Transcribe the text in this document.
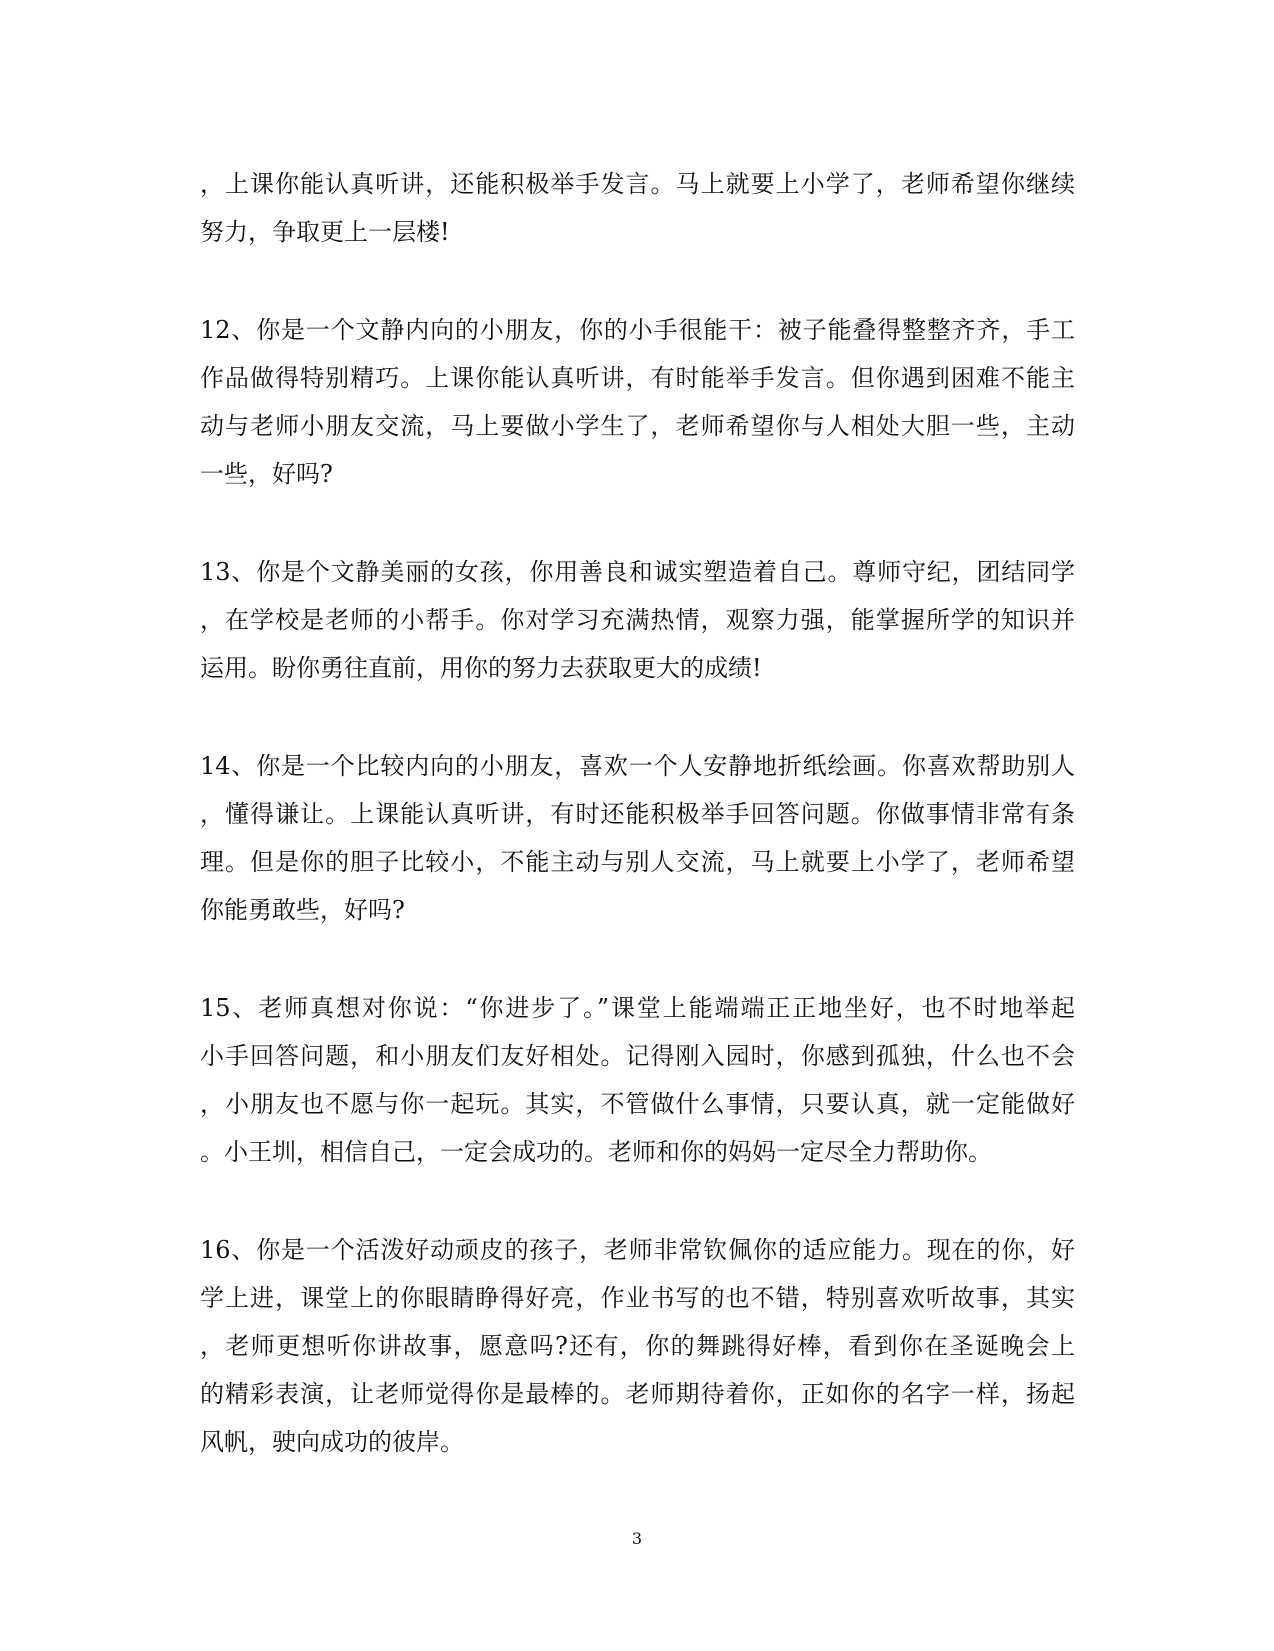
，上课你能认真听讲，还能积极举手发言。马上就要上小学了，老师希望你继续
努力，争取更上一层楼!
12、你是一个文静内向的小朋友，你的小手很能干：被子能叠得整整齐齐，手工
作品做得特别精巧。上课你能认真听讲，有时能举手发言。但你遇到困难不能主
动与老师小朋友交流，马上要做小学生了，老师希望你与人相处大胆一些，主动
一些，好吗?
13、你是个文静美丽的女孩，你用善良和诚实塑造着自己。尊师守纪，团结同学
，在学校是老师的小帮手。你对学习充满热情，观察力强，能掌握所学的知识并
运用。盼你勇往直前，用你的努力去获取更大的成绩!
14、你是一个比较内向的小朋友，喜欢一个人安静地折纸绘画。你喜欢帮助别人
，懂得谦让。上课能认真听讲，有时还能积极举手回答问题。你做事情非常有条
理。但是你的胆子比较小，不能主动与别人交流，马上就要上小学了，老师希望
你能勇敢些，好吗?
15、老师真想对你说：“你进步了。”课堂上能端端正正地坐好，也不时地举起
小手回答问题，和小朋友们友好相处。记得刚入园时，你感到孤独，什么也不会
，小朋友也不愿与你一起玩。其实，不管做什么事情，只要认真，就一定能做好
。小王圳，相信自己，一定会成功的。老师和你的妈妈一定尽全力帮助你。
16、你是一个活泼好动顽皮的孩子，老师非常钦佩你的适应能力。现在的你，好
学上进，课堂上的你眼睛睁得好亮，作业书写的也不错，特别喜欢听故事，其实
，老师更想听你讲故事，愿意吗?还有，你的舞跳得好棒，看到你在圣诞晚会上
的精彩表演，让老师觉得你是最棒的。老师期待着你，正如你的名字一样，扬起
风帆，驶向成功的彼岸。
3
